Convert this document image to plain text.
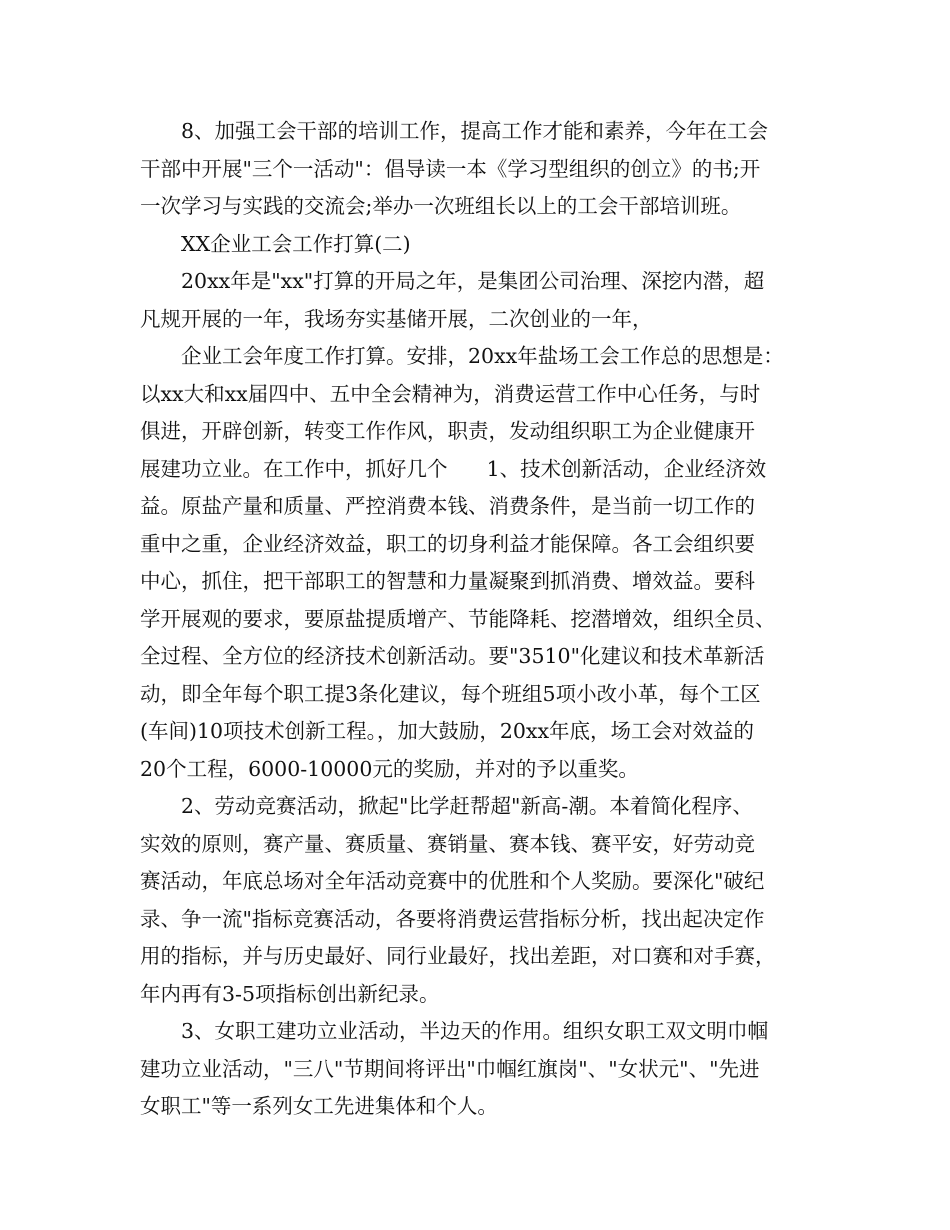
8、加强工会干部的培训工作，提高工作才能和素养，今年在工会
干部中开展"三个一活动"：倡导读一本《学习型组织的创立》的书;开
一次学习与实践的交流会;举办一次班组长以上的工会干部培训班。
XX企业工会工作打算(二)
20xx年是"xx"打算的开局之年，是集团公司治理、深挖内潜，超
凡规开展的一年，我场夯实基储开展，二次创业的一年，
企业工会年度工作打算。安排，20xx年盐场工会工作总的思想是：
以xx大和xx届四中、五中全会精神为，消费运营工作中心任务，与时
俱进，开辟创新，转变工作作风，职责，发动组织职工为企业健康开
展建功立业。在工作中，抓好几个      1、技术创新活动，企业经济效
益。原盐产量和质量、严控消费本钱、消费条件，是当前一切工作的
重中之重，企业经济效益，职工的切身利益才能保障。各工会组织要
中心，抓住，把干部职工的智慧和力量凝聚到抓消费、增效益。要科
学开展观的要求，要原盐提质增产、节能降耗、挖潜增效，组织全员、
全过程、全方位的经济技术创新活动。要"3510"化建议和技术革新活
动，即全年每个职工提3条化建议，每个班组5项小改小革，每个工区
(车间)10项技术创新工程。，加大鼓励，20xx年底，场工会对效益的
20个工程，6000-10000元的奖励，并对的予以重奖。
2、劳动竞赛活动，掀起"比学赶帮超"新高-潮。本着简化程序、
实效的原则，赛产量、赛质量、赛销量、赛本钱、赛平安，好劳动竞
赛活动，年底总场对全年活动竞赛中的优胜和个人奖励。要深化"破纪
录、争一流"指标竞赛活动，各要将消费运营指标分析，找出起决定作
用的指标，并与历史最好、同行业最好，找出差距，对口赛和对手赛，
年内再有3-5项指标创出新纪录。
3、女职工建功立业活动，半边天的作用。组织女职工双文明巾帼
建功立业活动，"三八"节期间将评出"巾帼红旗岗"、"女状元"、"先进
女职工"等一系列女工先进集体和个人。
